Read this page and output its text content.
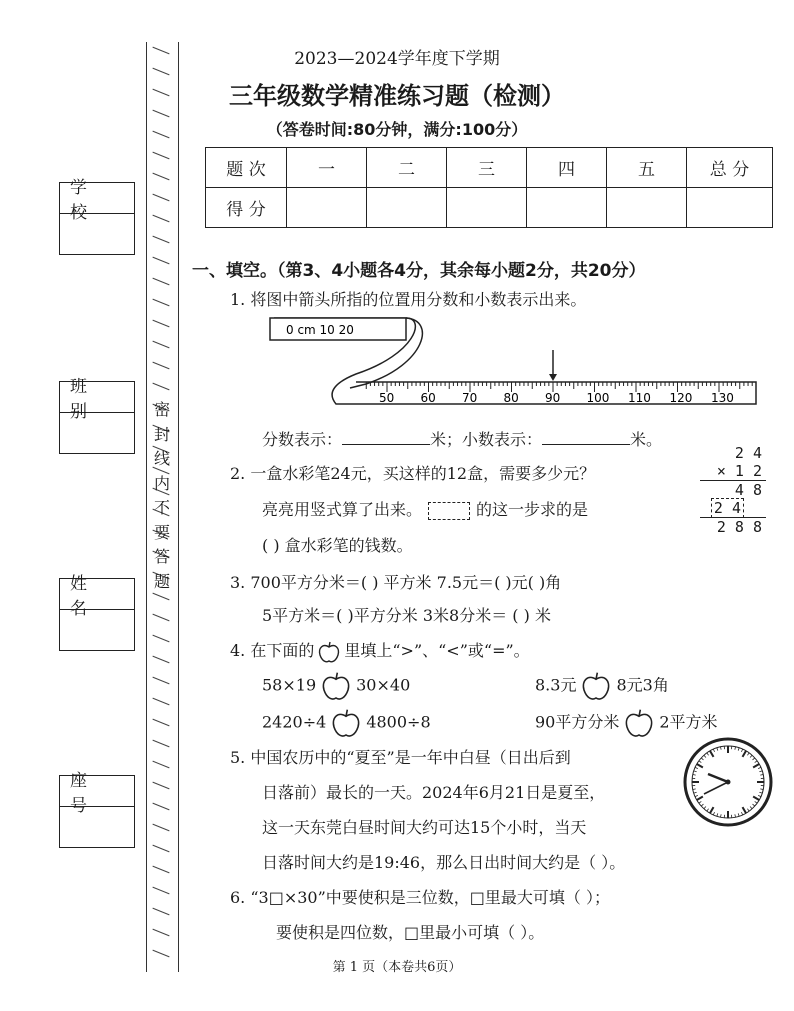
学 校
班 别
姓 名
座 号
密
封
线
内
不
要
答
题
2023—2024学年度下学期
三年级数学精准练习题（检测）
（答卷时间:80分钟，满分:100分）
题 次	一	二	三	四	五	总 分
得 分						
一、填空。（第3、4小题各4分，其余每小题2分，共20分）
1. 将图中箭头所指的位置用分数和小数表示出来。
0 cm 10 20
50 60 70 80 90 100 110 120 130
分数表示：	米；小数表示：	米。
2. 一盒水彩笔24元，买这样的12盒，需要多少元？
亮亮用竖式算了出来。	的这一步求的是
( ) 盒水彩笔的钱数。
2 4
× 1 2
4 8
2 4
2 8 8
3. 700平方分米＝( ) 平方米 7.5元＝( )元( )角
5平方米＝( )平方分米 3米8分米＝ ( ) 米
4. 在下面的 里填上“>”、“<”或“=”。
58×19	30×40	8.3元	8元3角
2420÷4	4800÷8	90平方分米	2平方米
5. 中国农历中的“夏至”是一年中白昼（日出后到
日落前）最长的一天。2024年6月21日是夏至，
这一天东莞白昼时间大约可达15个小时，当天
日落时间大约是19:46，那么日出时间大约是（ ）。
6. “3□×30”中要使积是三位数，□里最大可填（ ）；
要使积是四位数，□里最小可填（ ）。
第 1 页（本卷共6页）
